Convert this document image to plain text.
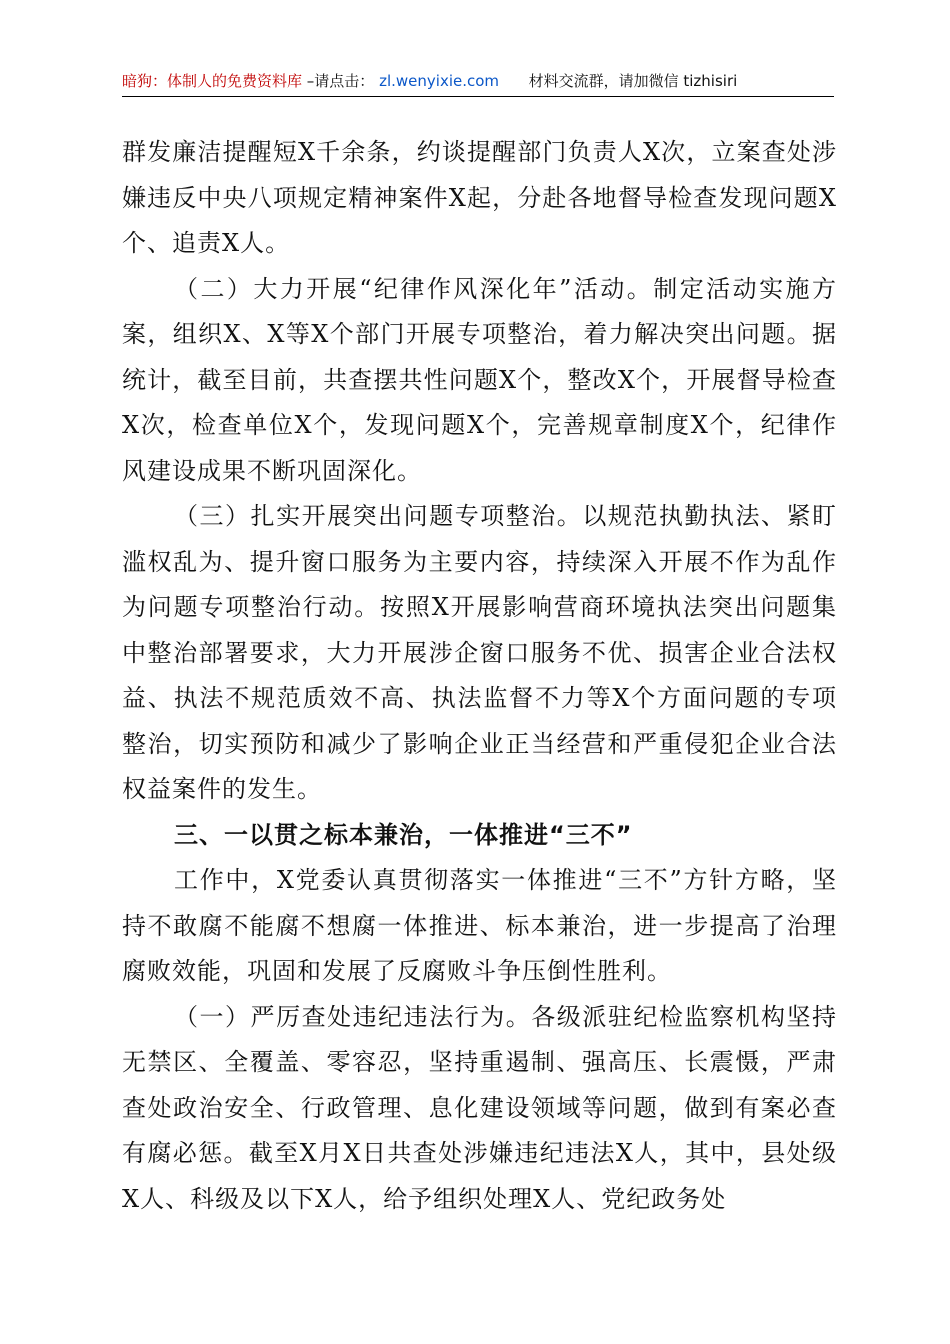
暗狗：体制人的免费资料库 –请点击： zl.wenyixie.com 材料交流群，请加微信 tizhisiri

群发廉洁提醒短X千余条，约谈提醒部门负责人X次，立案查处涉嫌违反中央八项规定精神案件X起，分赴各地督导检查发现问题X个、追责X人。

（二）大力开展“纪律作风深化年”活动。制定活动实施方案，组织X、X等X个部门开展专项整治，着力解决突出问题。据统计，截至目前，共查摆共性问题X个，整改X个，开展督导检查X次，检查单位X个，发现问题X个，完善规章制度X个，纪律作风建设成果不断巩固深化。

（三）扎实开展突出问题专项整治。以规范执勤执法、紧盯滥权乱为、提升窗口服务为主要内容，持续深入开展不作为乱作为问题专项整治行动。按照X开展影响营商环境执法突出问题集中整治部署要求，大力开展涉企窗口服务不优、损害企业合法权益、执法不规范质效不高、执法监督不力等X个方面问题的专项整治，切实预防和减少了影响企业正当经营和严重侵犯企业合法权益案件的发生。

三、一以贯之标本兼治，一体推进“三不”

工作中，X党委认真贯彻落实一体推进“三不”方针方略，坚持不敢腐不能腐不想腐一体推进、标本兼治，进一步提高了治理腐败效能，巩固和发展了反腐败斗争压倒性胜利。

（一）严厉查处违纪违法行为。各级派驻纪检监察机构坚持无禁区、全覆盖、零容忍，坚持重遏制、强高压、长震慑，严肃查处政治安全、行政管理、息化建设领域等问题，做到有案必查有腐必惩。截至X月X日共查处涉嫌违纪违法X人，其中，县处级X人、科级及以下X人，给予组织处理X人、党纪政务处
